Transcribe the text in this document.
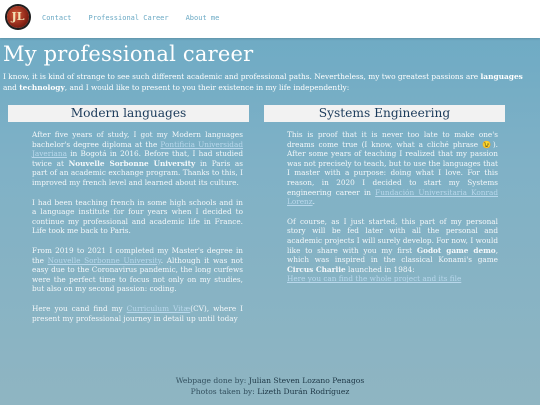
JL	Contact Professional Career About me
My professional career

I know, it is kind of strange to see such different academic and professional paths. Nevertheless, my two greatest passions are languages and technology, and I would like to present to you their existence in my life independently:

Modern languages	Systems Engineering

After five years of study, I got my Modern languages bachelor's degree diploma at the Pontificia Universidad Javeriana in Bogotá in 2016. Before that, I had studied twice at Nouvelle Sorbonne University in Paris as part of an academic exchange program. Thanks to this, I improved my french level and learned about its culture.

I had been teaching french in some high schools and in a language institute for four years when I decided to continue my professional and academic life in France. Life took me back to Paris.

From 2019 to 2021 I completed my Master's degree in the Nouvelle Sorbonne University. Although it was not easy due to the Coronavirus pandemic, the long curfews were the perfect time to focus not only on my studies, but also on my second passion: coding.

Here you cand find my Curriculum Vitæ(CV), where I present my professional journey in detail up until today

This is proof that it is never too late to make one's dreams come true (I know, what a cliché phrase 😉). After some years of teaching I realized that my passion was not precisely to teach, but to use the languages that I master with a purpose: doing what I love. For this reason, in 2020 I decided to start my Systems engineering career in Fundación Universitaria Konrad Lorenz.

Of course, as I just started, this part of my personal story will be fed later with all the personal and academic projects I will surely develop. For now, I would like to share with you my first Godot game demo, which was inspired in the classical Konami's game Circus Charlie launched in 1984:
Here you can find the whole project and its file

Webpage done by: Julian Steven Lozano Penagos
Photos taken by: Lizeth Durán Rodríguez
